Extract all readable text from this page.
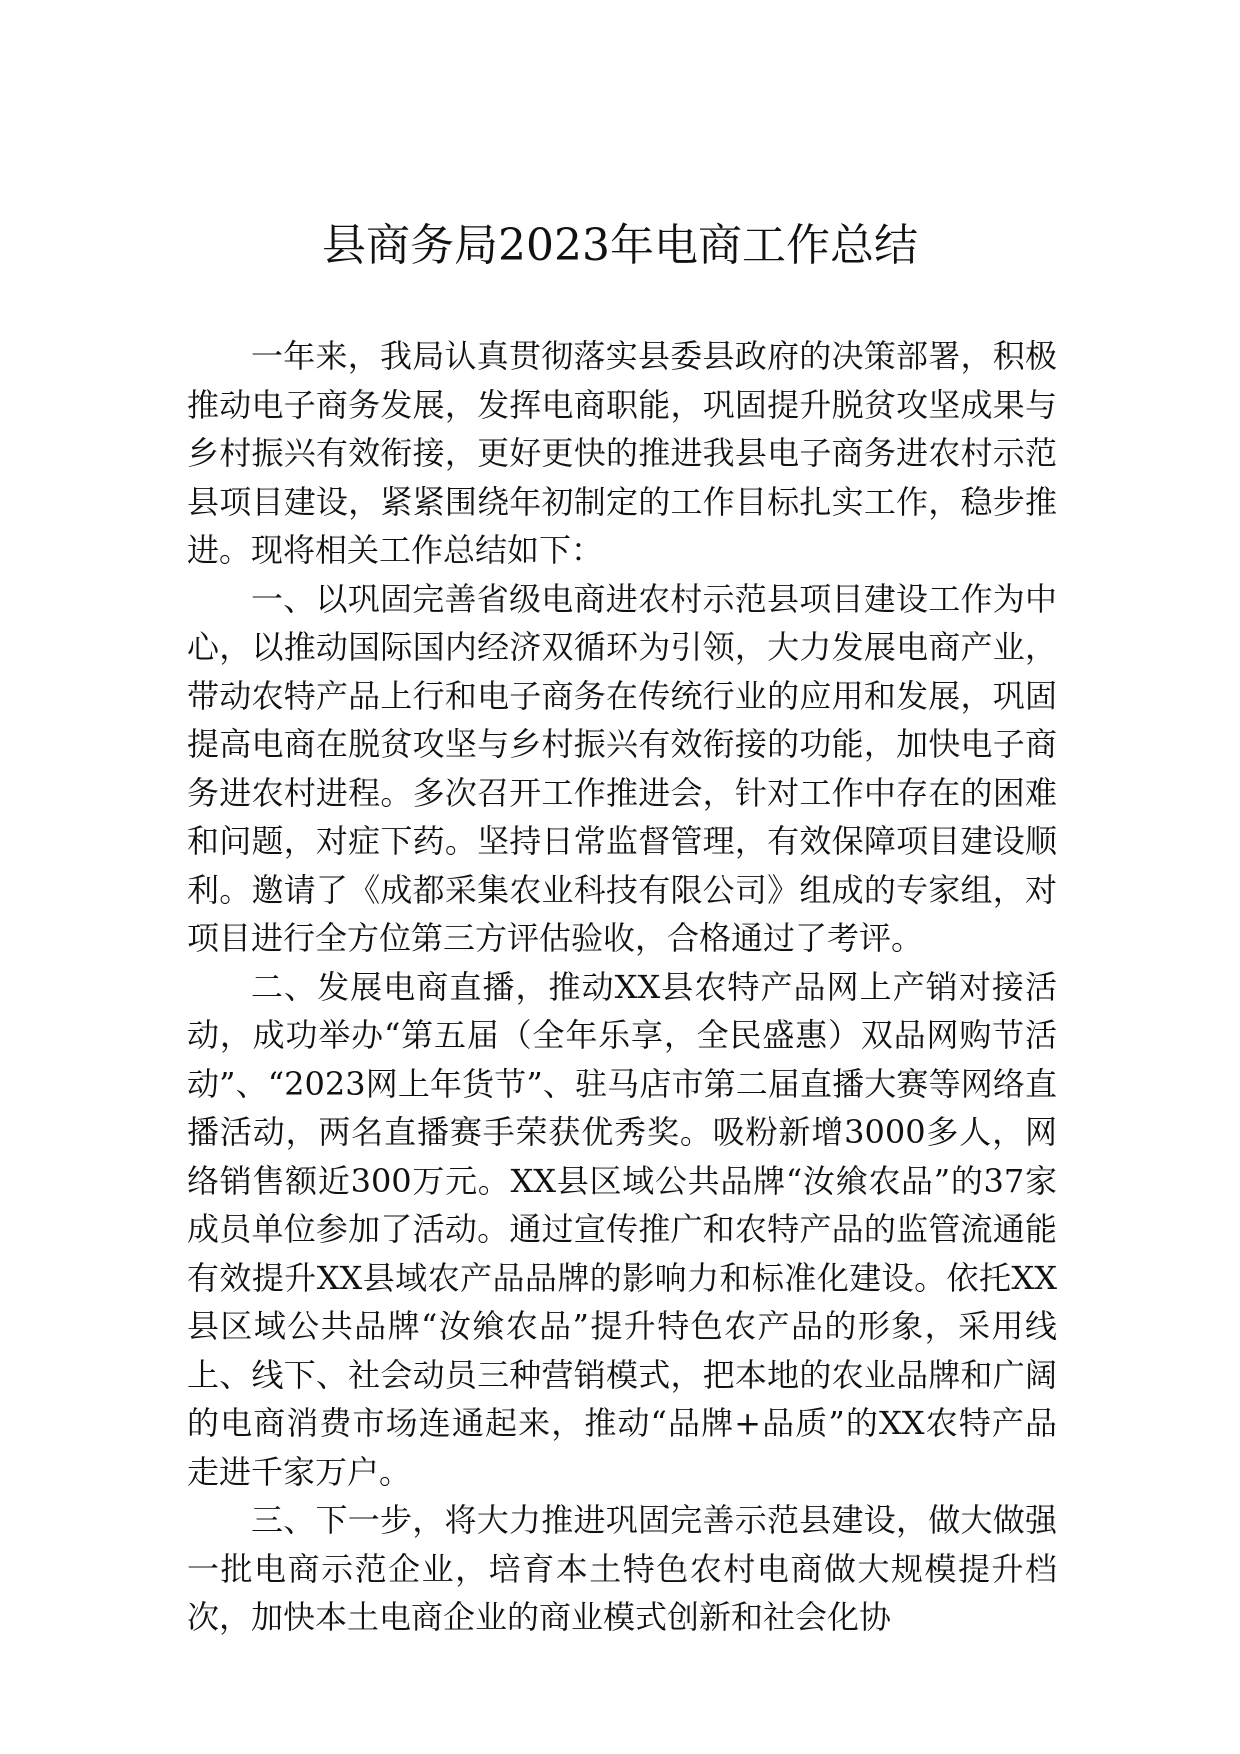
县商务局2023年电商工作总结

一年来，我局认真贯彻落实县委县政府的决策部署，积极推动电子商务发展，发挥电商职能，巩固提升脱贫攻坚成果与乡村振兴有效衔接，更好更快的推进我县电子商务进农村示范县项目建设，紧紧围绕年初制定的工作目标扎实工作，稳步推进。现将相关工作总结如下：

一、以巩固完善省级电商进农村示范县项目建设工作为中心，以推动国际国内经济双循环为引领，大力发展电商产业，带动农特产品上行和电子商务在传统行业的应用和发展，巩固提高电商在脱贫攻坚与乡村振兴有效衔接的功能，加快电子商务进农村进程。多次召开工作推进会，针对工作中存在的困难和问题，对症下药。坚持日常监督管理，有效保障项目建设顺利。邀请了《成都采集农业科技有限公司》组成的专家组，对项目进行全方位第三方评估验收，合格通过了考评。

二、发展电商直播，推动XX县农特产品网上产销对接活动，成功举办“第五届（全年乐享，全民盛惠）双品网购节活动”、“2023网上年货节”、驻马店市第二届直播大赛等网络直播活动，两名直播赛手荣获优秀奖。吸粉新增3000多人，网络销售额近300万元。XX县区域公共品牌“汝飨农品”的37家成员单位参加了活动。通过宣传推广和农特产品的监管流通能有效提升XX县域农产品品牌的影响力和标准化建设。依托XX县区域公共品牌“汝飨农品”提升特色农产品的形象，采用线上、线下、社会动员三种营销模式，把本地的农业品牌和广阔的电商消费市场连通起来，推动“品牌+品质”的XX农特产品走进千家万户。

三、下一步，将大力推进巩固完善示范县建设，做大做强一批电商示范企业，培育本土特色农村电商做大规模提升档次，加快本土电商企业的商业模式创新和社会化协
